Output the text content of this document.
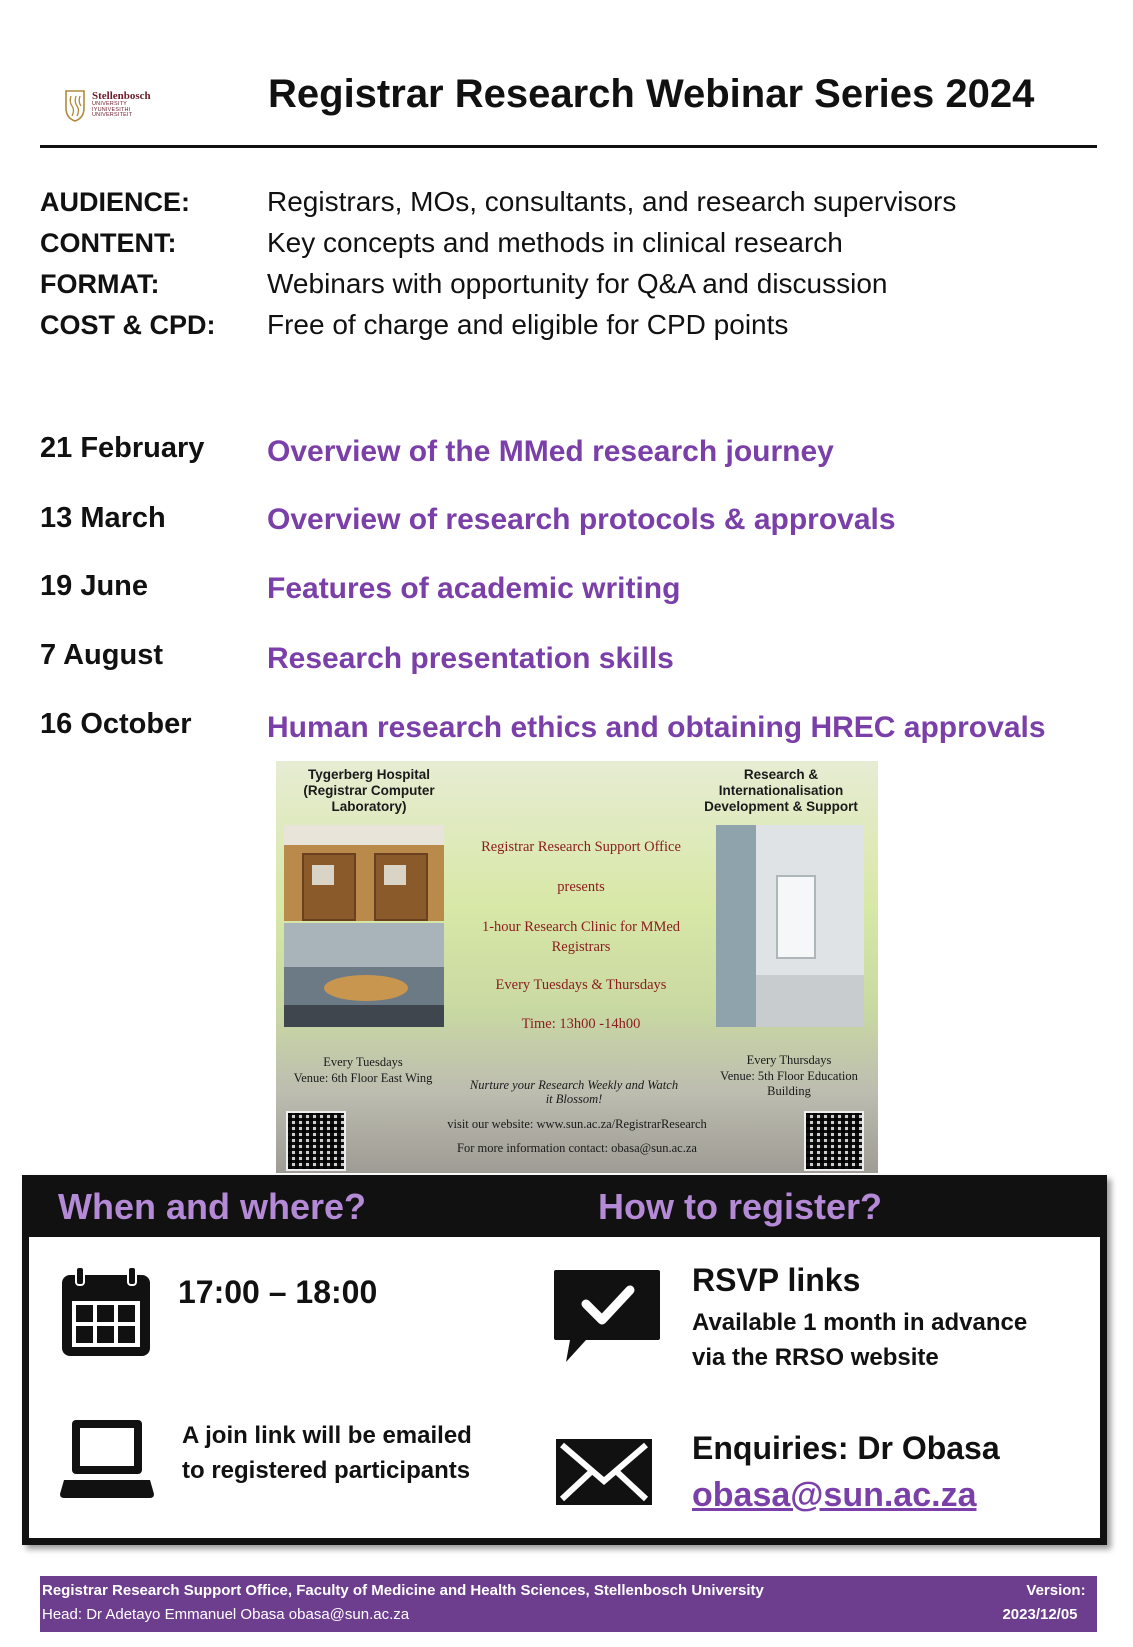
Stellenbosch
UNIVERSITY
IYUNIVESITHI
UNIVERSITEIT	Registrar Research Webinar Series 2024
AUDIENCE:	Registrars, MOs, consultants, and research supervisors
CONTENT:	Key concepts and methods in clinical research
FORMAT:	Webinars with opportunity for Q&A and discussion
COST & CPD: Free of charge and eligible for CPD points
21 February Overview of the MMed research journey
13 March	Overview of research protocols & approvals
19 June	Features of academic writing
7 August	Research presentation skills
16 October	Human research ethics and obtaining HREC approvals
Tygerberg Hospital
(Registrar Computer
Laboratory)
Research &
Internationalisation
Development & Support
Registrar Research Support Office
presents
1-hour Research Clinic for MMed
Registrars
Every Tuesdays & Thursdays
Time: 13h00 -14h00
Every Tuesdays
Venue: 6th Floor East Wing
Every Thursdays
Venue: 5th Floor Education
Building
Nurture your Research Weekly and Watch
it Blossom!
visit our website: www.sun.ac.za/RegistrarResearch
For more information contact: obasa@sun.ac.za
When and where?	How to register?
17:00 – 18:00
A join link will be emailed
to registered participants
RSVP links
Available 1 month in advance
via the RRSO website
Enquiries: Dr Obasa
obasa@sun.ac.za
Registrar Research Support Office, Faculty of Medicine and Health Sciences, Stellenbosch University
Head: Dr Adetayo Emmanuel Obasa obasa@sun.ac.za
Version:
2023/12/05
